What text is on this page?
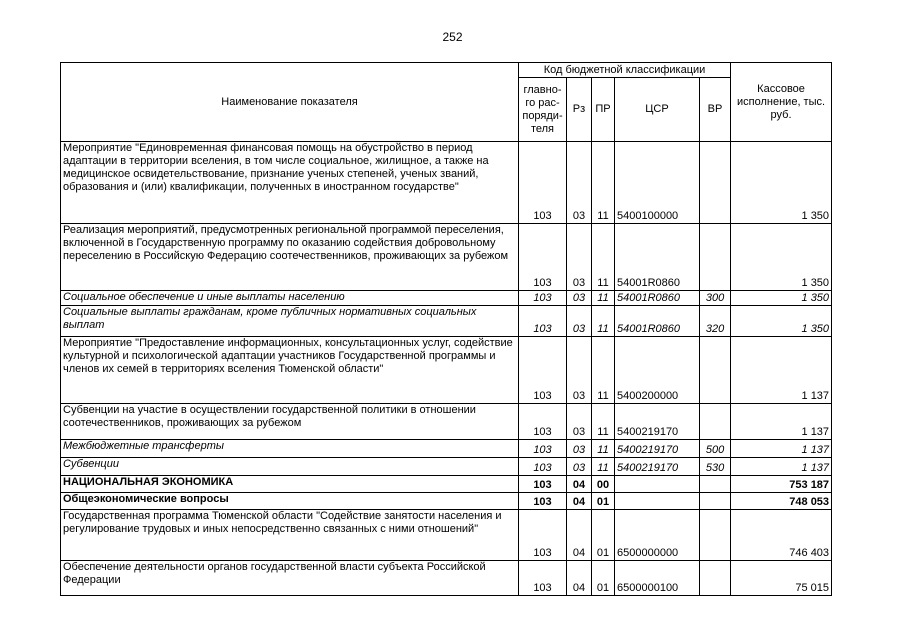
252
Наименование показателя	Код бюджетной классификации					Кассовое исполнение, тыс. руб.
	главно-го рас-поряди-теля	Рз	ПР	ЦСР	ВР	
Мероприятие "Единовременная финансовая помощь на обустройство в период адаптации в территории вселения, в том числе социальное, жилищное, а также на медицинское освидетельствование, признание ученых степеней, ученых званий, образования и (или) квалификации, полученных в иностранном государстве"	103	03	11	5400100000		1 350
Реализация мероприятий, предусмотренных региональной программой переселения, включенной в Государственную программу по оказанию содействия добровольному переселению в Российскую Федерацию соотечественников, проживающих за рубежом	103	03	11	54001R0860		1 350
Социальное обеспечение и иные выплаты населению	103	03	11	54001R0860	300	1 350
Социальные выплаты гражданам, кроме публичных нормативных социальных выплат	103	03	11	54001R0860	320	1 350
Мероприятие "Предоставление информационных, консультационных услуг, содействие культурной и психологической адаптации участников Государственной программы и членов их семей в территориях вселения Тюменской области"	103	03	11	5400200000		1 137
Субвенции на участие в осуществлении государственной политики в отношении соотечественников, проживающих за рубежом	103	03	11	5400219170		1 137
Межбюджетные трансферты	103	03	11	5400219170	500	1 137
Субвенции	103	03	11	5400219170	530	1 137
НАЦИОНАЛЬНАЯ ЭКОНОМИКА	103	04	00			753 187
Общеэкономические вопросы	103	04	01			748 053
Государственная программа Тюменской области "Содействие занятости населения и регулирование трудовых и иных непосредственно связанных с ними отношений"	103	04	01	6500000000		746 403
Обеспечение деятельности органов государственной власти субъекта Российской Федерации	103	04	01	6500000100		75 015
